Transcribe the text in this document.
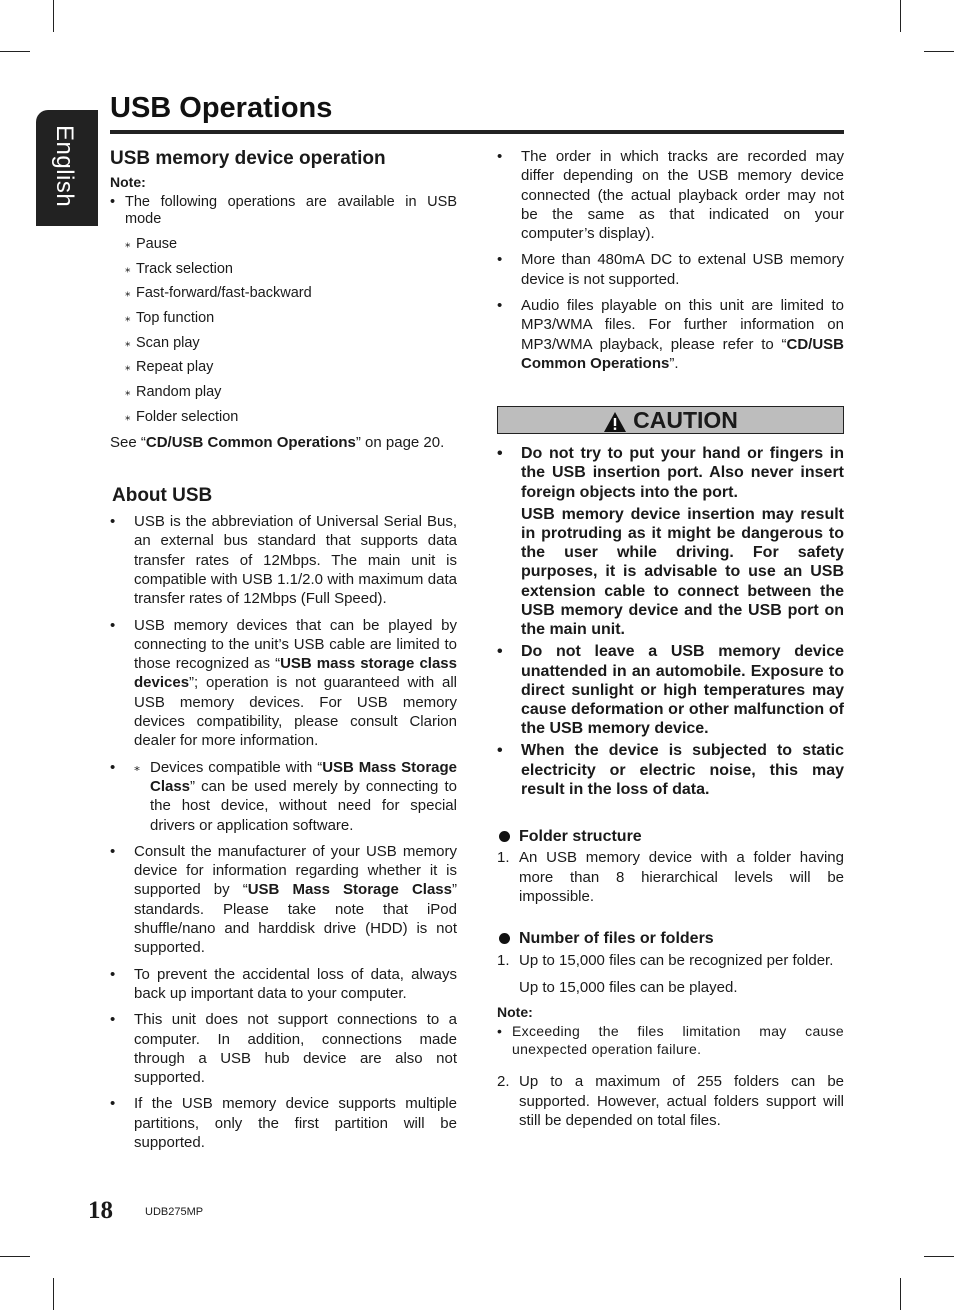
English
USB Operations
USB memory device operation

Note:

• The following operations are available in USB mode

⁎ Pause

⁎ Track selection

⁎ Fast-forward/fast-backward

⁎ Top function

⁎ Scan play

⁎ Repeat play

⁎ Random play

⁎ Folder selection

See “CD/USB Common Operations” on page 20.

About USB

• USB is the abbreviation of Universal Serial Bus, an external bus standard that supports data transfer rates of 12Mbps. The main unit is compatible with USB 1.1/2.0 with maximum data transfer rates of 12Mbps (Full Speed).

• USB memory devices that can be played by connecting to the unit’s USB cable are limited to those recognized as “USB mass storage class devices”; operation is not guaranteed with all USB memory devices. For USB memory devices compatibility, please consult Clarion dealer for more information.

⁎ • Devices compatible with “USB Mass Storage Class” can be used merely by connecting to the host device, without need for special drivers or application software.

• Consult the manufacturer of your USB memory device for information regarding whether it is supported by “USB Mass Storage Class” standards. Please take note that iPod shuffle/nano and harddisk drive (HDD) is not supported.

• To prevent the accidental loss of data, always back up important data to your computer.

• This unit does not support connections to a computer. In addition, connections made through a USB hub device are also not supported.

• If the USB memory device supports multiple partitions, only the first partition will be supported.

• The order in which tracks are recorded may differ depending on the USB memory device connected (the actual playback order may not be the same as that indicated on your computer’s display).

• More than 480mA DC to extenal USB memory device is not supported.

• Audio files playable on this unit are limited to MP3/WMA files. For further information on MP3/WMA playback, please refer to “CD/USB Common Operations”.

CAUTION

• Do not try to put your hand or fingers in the USB insertion port. Also never insert foreign objects into the port.

USB memory device insertion may result in protruding as it might be dangerous to the user while driving. For safety purposes, it is advisable to use an USB extension cable to connect between the USB memory device and the USB port on the main unit.

• Do not leave a USB memory device unattended in an automobile. Exposure to direct sunlight or high temperatures may cause deformation or other malfunction of the USB memory device.

• When the device is subjected to static electricity or electric noise, this may result in the loss of data.

Folder structure

1. An USB memory device with a folder having more than 8 hierarchical levels will be impossible.

Number of files or folders

1. Up to 15,000 files can be recognized per folder.

Up to 15,000 files can be played.

Note:

• Exceeding the files limitation may cause unexpected operation failure.

2. Up to a maximum of 255 folders can be supported. However, actual folders support will still be depended on total files.

18	UDB275MP
